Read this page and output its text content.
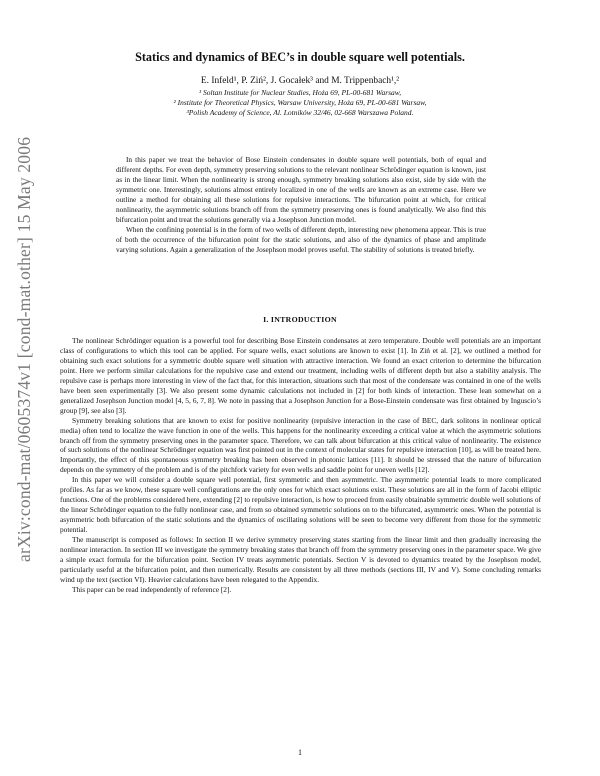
arXiv:cond-mat/0605374v1 [cond-mat.other] 15 May 2006
Statics and dynamics of BEC’s in double square well potentials.
E. Infeld¹, P. Ziń², J. Gocałek³ and M. Trippenbach¹,²
¹ Soltan Institute for Nuclear Studies, Hoża 69, PL-00-681 Warsaw,
² Institute for Theoretical Physics, Warsaw University, Hoża 69, PL-00-681 Warsaw,
³Polish Academy of Science, Al. Lotników 32/46, 02-668 Warszawa Poland.

In this paper we treat the behavior of Bose Einstein condensates in double square well potentials, both of equal and different depths. For even depth, symmetry preserving solutions to the relevant nonlinear Schrödinger equation is known, just as in the linear limit. When the nonlinearity is strong enough, symmetry breaking solutions also exist, side by side with the symmetric one. Interestingly, solutions almost entirely localized in one of the wells are known as an extreme case. Here we outline a method for obtaining all these solutions for repulsive interactions. The bifurcation point at which, for critical nonlinearity, the asymmetric solutions branch off from the symmetry preserving ones is found analytically. We also find this bifurcation point and treat the solutions generally via a Josephson Junction model.

When the confining potential is in the form of two wells of different depth, interesting new phenomena appear. This is true of both the occurrence of the bifurcation point for the static solutions, and also of the dynamics of phase and amplitude varying solutions. Again a generalization of the Josephson model proves useful. The stability of solutions is treated briefly.

I. INTRODUCTION

The nonlinear Schrödinger equation is a powerful tool for describing Bose Einstein condensates at zero temperature. Double well potentials are an important class of configurations to which this tool can be applied. For square wells, exact solutions are known to exist [1]. In Ziń et al. [2], we outlined a method for obtaining such exact solutions for a symmetric double square well situation with attractive interaction. We found an exact criterion to determine the bifurcation point. Here we perform similar calculations for the repulsive case and extend our treatment, including wells of different depth but also a stability analysis. The repulsive case is perhaps more interesting in view of the fact that, for this interaction, situations such that most of the condensate was contained in one of the wells have been seen experimentally [3]. We also present some dynamic calculations not included in [2] for both kinds of interaction. These lean somewhat on a generalized Josephson Junction model [4, 5, 6, 7, 8]. We note in passing that a Josephson Junction for a Bose-Einstein condensate was first obtained by Inguscio’s group [9], see also [3].

Symmetry breaking solutions that are known to exist for positive nonlinearity (repulsive interaction in the case of BEC, dark solitons in nonlinear optical media) often tend to localize the wave function in one of the wells. This happens for the nonlinearity exceeding a critical value at which the asymmetric solutions branch off from the symmetry preserving ones in the parameter space. Therefore, we can talk about bifurcation at this critical value of nonlinearity. The existence of such solutions of the nonlinear Schrödinger equation was first pointed out in the context of molecular states for repulsive interaction [10], as will be treated here. Importantly, the effect of this spontaneous symmetry breaking has been observed in photonic lattices [11]. It should be stressed that the nature of bifurcation depends on the symmetry of the problem and is of the pitchfork variety for even wells and saddle point for uneven wells [12].

In this paper we will consider a double square well potential, first symmetric and then asymmetric. The asymmetric potential leads to more complicated profiles. As far as we know, these square well configurations are the only ones for which exact solutions exist. These solutions are all in the form of Jacobi elliptic functions. One of the problems considered here, extending [2] to repulsive interaction, is how to proceed from easily obtainable symmetric double well solutions of the linear Schrödinger equation to the fully nonlinear case, and from so obtained symmetric solutions on to the bifurcated, asymmetric ones. When the potential is asymmetric both bifurcation of the static solutions and the dynamics of oscillating solutions will be seen to become very different from those for the symmetric potential.

The manuscript is composed as follows: In section II we derive symmetry preserving states starting from the linear limit and then gradually increasing the nonlinear interaction. In section III we investigate the symmetry breaking states that branch off from the symmetry preserving ones in the parameter space. We give a simple exact formula for the bifurcation point. Section IV treats asymmetric potentials. Section V is devoted to dynamics treated by the Josephson model, particularly useful at the bifurcation point, and then numerically. Results are consistent by all three methods (sections III, IV and V). Some concluding remarks wind up the text (section VI). Heavier calculations have been relegated to the Appendix.

This paper can be read independently of reference [2].

1
